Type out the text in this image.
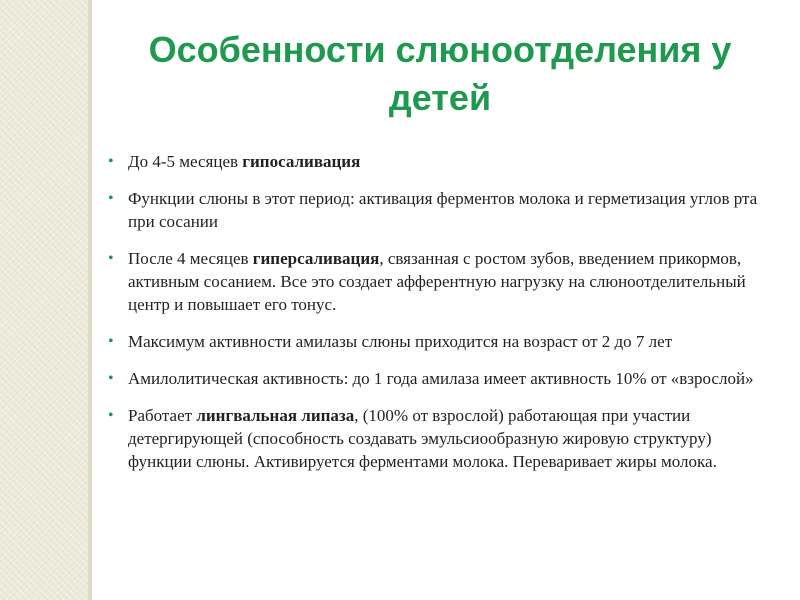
Особенности слюноотделения у детей
• До 4-5 месяцев гипосаливация
• Функции слюны в этот период: активация ферментов молока и герметизация углов рта при сосании
• После 4 месяцев гиперсаливация, связанная с ростом зубов, введением прикормов, активным сосанием. Все это создает афферентную нагрузку на слюноотделительный центр и повышает его тонус.
• Максимум активности амилазы слюны приходится на возраст от 2 до 7 лет
• Амилолитическая активность: до 1 года амилаза имеет активность 10% от «взрослой»
• Работает лингвальная липаза, (100% от взрослой) работающая при участии детергирующей (способность создавать эмульсиообразную жировую структуру) функции слюны. Активируется ферментами молока. Переваривает жиры молока.
